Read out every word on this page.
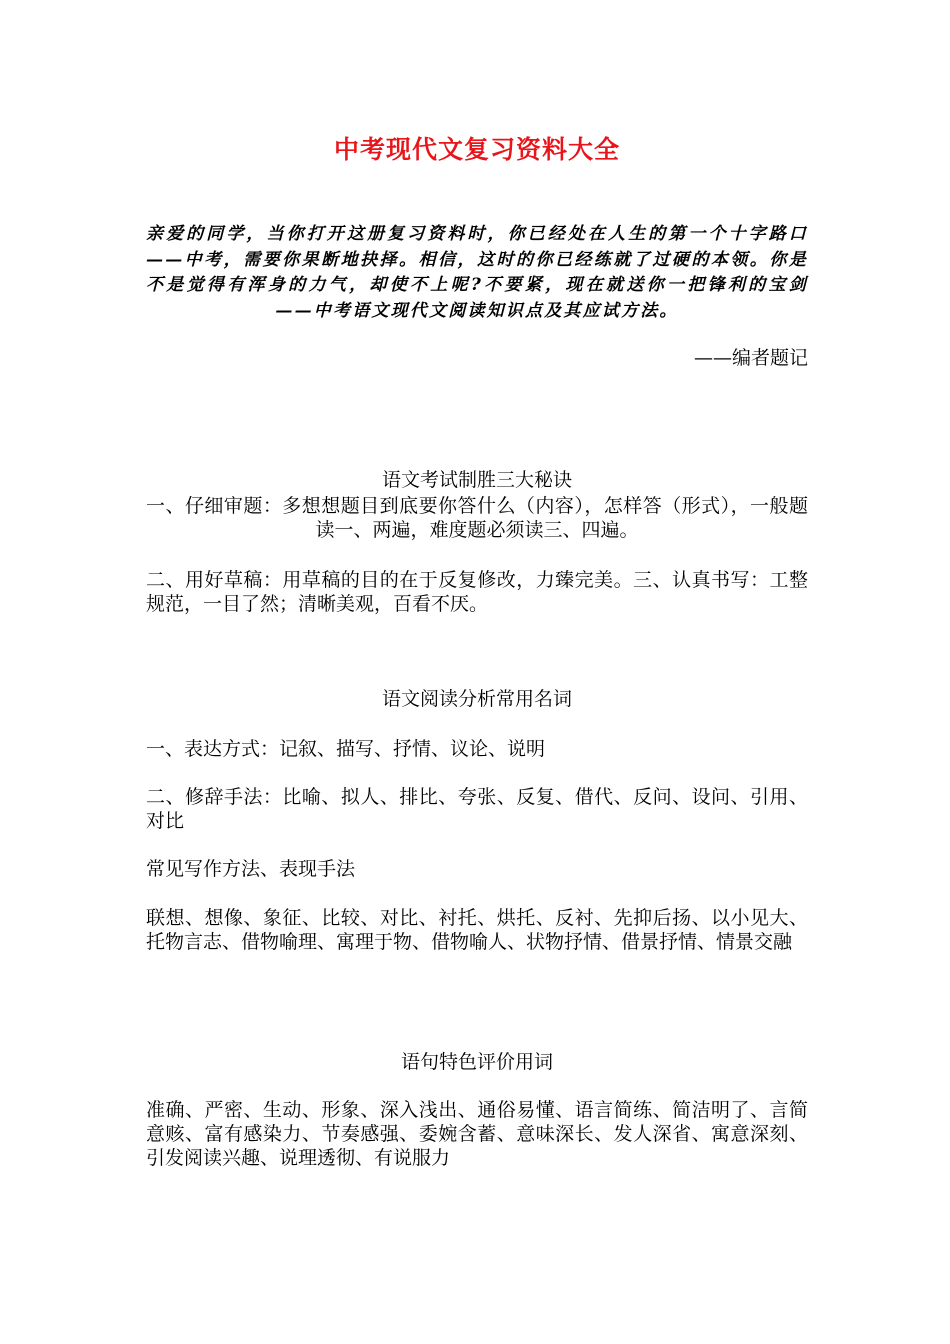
中考现代文复习资料大全
亲爱的同学，当你打开这册复习资料时，你已经处在人生的第一个十字路口——中考，需要你果断地抉择。相信，这时的你已经练就了过硬的本领。你是不是觉得有浑身的力气，却使不上呢?不要紧，现在就送你一把锋利的宝剑——中考语文现代文阅读知识点及其应试方法。
——编者题记
语文考试制胜三大秘诀
一、仔细审题：多想想题目到底要你答什么（内容），怎样答（形式），一般题读一、两遍，难度题必须读三、四遍。
二、用好草稿：用草稿的目的在于反复修改，力臻完美。三、认真书写：工整规范，一目了然；清晰美观，百看不厌。
语文阅读分析常用名词
一、表达方式：记叙、描写、抒情、议论、说明
二、修辞手法：比喻、拟人、排比、夸张、反复、借代、反问、设问、引用、对比
常见写作方法、表现手法
联想、想像、象征、比较、对比、衬托、烘托、反衬、先抑后扬、以小见大、托物言志、借物喻理、寓理于物、借物喻人、状物抒情、借景抒情、情景交融
语句特色评价用词
准确、严密、生动、形象、深入浅出、通俗易懂、语言简练、简洁明了、言简意赅、富有感染力、节奏感强、委婉含蓄、意味深长、发人深省、寓意深刻、引发阅读兴趣、说理透彻、有说服力
